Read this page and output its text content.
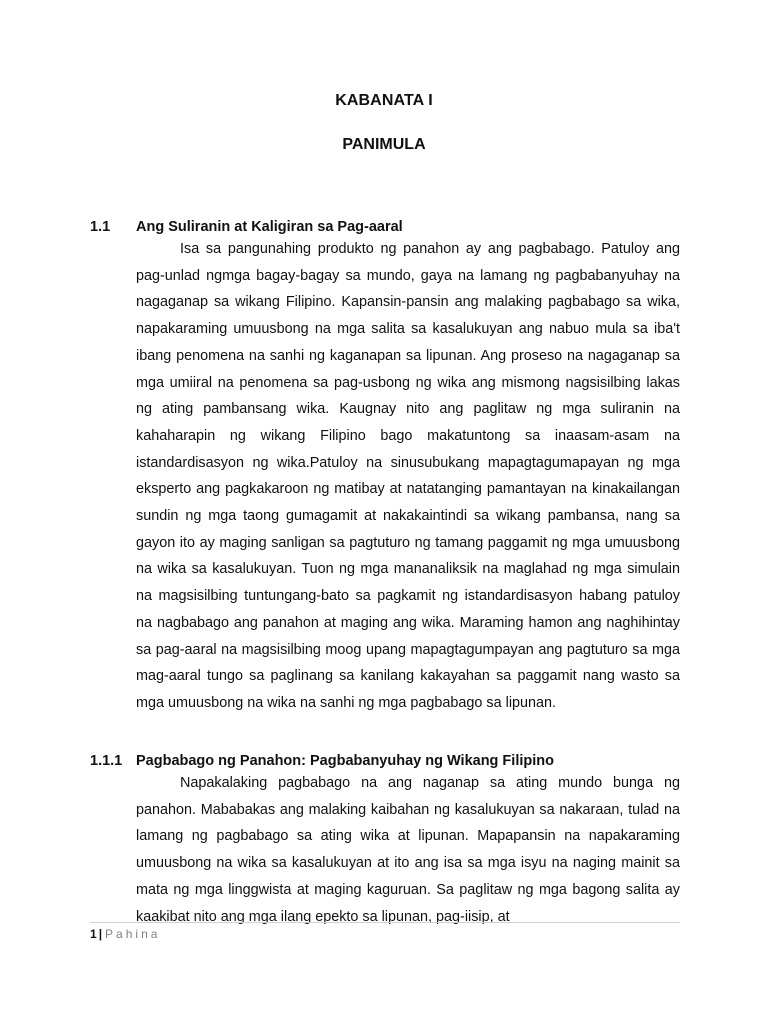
KABANATA I
PANIMULA
1.1	Ang Suliranin at Kaligiran sa Pag-aaral

Isa sa pangunahing produkto ng panahon ay ang pagbabago. Patuloy ang pag-unlad ngmga bagay-bagay sa mundo, gaya na lamang ng pagbabanyuhay na nagaganap sa wikang Filipino. Kapansin-pansin ang malaking pagbabago sa wika, napakaraming umuusbong na mga salita sa kasalukuyan ang nabuo mula sa iba't ibang penomena na sanhi ng kaganapan sa lipunan. Ang proseso na nagaganap sa mga umiiral na penomena sa pag-usbong ng wika ang mismong nagsisilbing lakas ng ating pambansang wika. Kaugnay nito ang paglitaw ng mga suliranin na kahaharapin ng wikang Filipino bago makatuntong sa inaasam-asam na istandardisasyon ng wika.Patuloy na sinusubukang mapagtagumapayan ng mga eksperto ang pagkakaroon ng matibay at natatanging pamantayan na kinakailangan sundin ng mga taong gumagamit at nakakaintindi sa wikang pambansa, nang sa gayon ito ay maging sanligan sa pagtuturo ng tamang paggamit ng mga umuusbong na wika sa kasalukuyan. Tuon ng mga mananaliksik na maglahad ng mga simulain na magsisilbing tuntungang-bato sa pagkamit ng istandardisasyon habang patuloy na nagbabago ang panahon at maging ang wika. Maraming hamon ang naghihintay sa pag-aaral na magsisilbing moog upang mapagtagumpayan ang pagtuturo sa mga mag-aaral tungo sa paglinang sa kanilang kakayahan sa paggamit nang wasto sa mga umuusbong na wika na sanhi ng mga pagbabago sa lipunan.

1.1.1 Pagbabago ng Panahon: Pagbabanyuhay ng Wikang Filipino

Napakalaking pagbabago na ang naganap sa ating mundo bunga ng panahon. Mababakas ang malaking kaibahan ng kasalukuyan sa nakaraan, tulad na lamang ng pagbabago sa ating wika at lipunan. Mapapansin na napakaraming umuusbong na wika sa kasalukuyan at ito ang isa sa mga isyu na naging mainit sa mata ng mga linggwista at maging kaguruan. Sa paglitaw ng mga bagong salita ay kaakibat nito ang mga ilang epekto sa lipunan, pag-iisip, at

1 | Pahina
